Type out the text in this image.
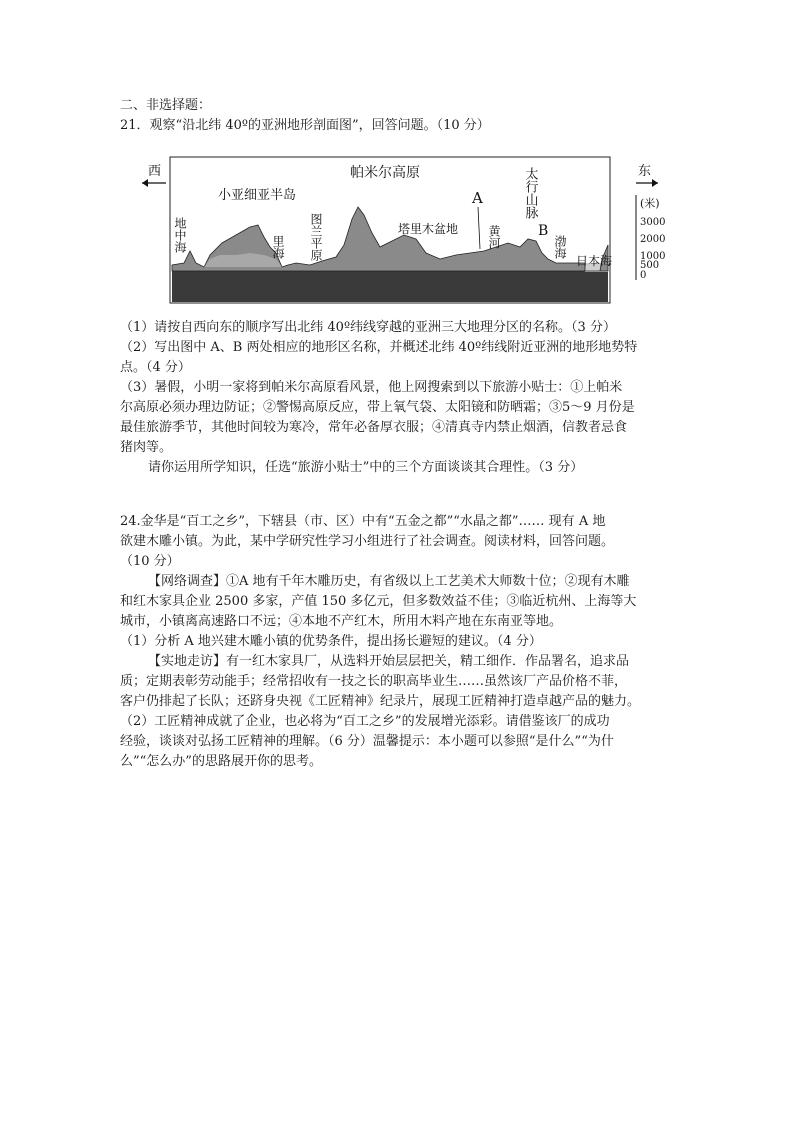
二、非选择题：
21．观察“沿北纬 40º的亚洲地形剖面图”，回答问题。（10 分）
西	东
(米)
3000
2000
1000
500
0
地中海
小亚细亚半岛
里海 图兰平原
帕米尔高原
塔里木盆地
A
黄河
太行山脉
B
渤海
日本海
（1）请按自西向东的顺序写出北纬 40º纬线穿越的亚洲三大地理分区的名称。（3 分）
（2）写出图中 A、B 两处相应的地形区名称，并概述北纬 40º纬线附近亚洲的地形地势特
点。（4 分）
（3）暑假，小明一家将到帕米尔高原看风景，他上网搜索到以下旅游小贴士：①上帕米
尔高原必须办理边防证；②警惕高原反应，带上氧气袋、太阳镜和防晒霜；③5～9 月份是
最佳旅游季节，其他时间较为寒冷，常年必备厚衣服；④清真寺内禁止烟酒，信教者忌食
猪肉等。
请你运用所学知识，任选“旅游小贴士”中的三个方面谈谈其合理性。（3 分）
24.金华是“百工之乡”，下辖县（市、区）中有“五金之都”“水晶之都”…… 现有 A 地
欲建木雕小镇。为此，某中学研究性学习小组进行了社会调查。阅读材料，回答问题。
（10 分）
【网络调查】①A 地有千年木雕历史，有省级以上工艺美术大师数十位；②现有木雕
和红木家具企业 2500 多家，产值 150 多亿元，但多数效益不佳；③临近杭州、上海等大
城市，小镇离高速路口不远；④本地不产红木，所用木料产地在东南亚等地。
（1）分析 A 地兴建木雕小镇的优势条件，提出扬长避短的建议。（4 分）
【实地走访】有一红木家具厂，从选料开始层层把关，精工细作．作品署名，追求品
质；定期表彰劳动能手；经常招收有一技之长的职高毕业生……虽然该厂产品价格不菲，
客户仍排起了长队；还跻身央视《工匠精神》纪录片，展现工匠精神打造卓越产品的魅力。
（2）工匠精神成就了企业，也必将为“百工之乡”的发展增光添彩。请借鉴该厂的成功
经验，谈谈对弘扬工匠精神的理解。（6 分）温馨提示：本小题可以参照“是什么”“为什
么”“怎么办”的思路展开你的思考。
